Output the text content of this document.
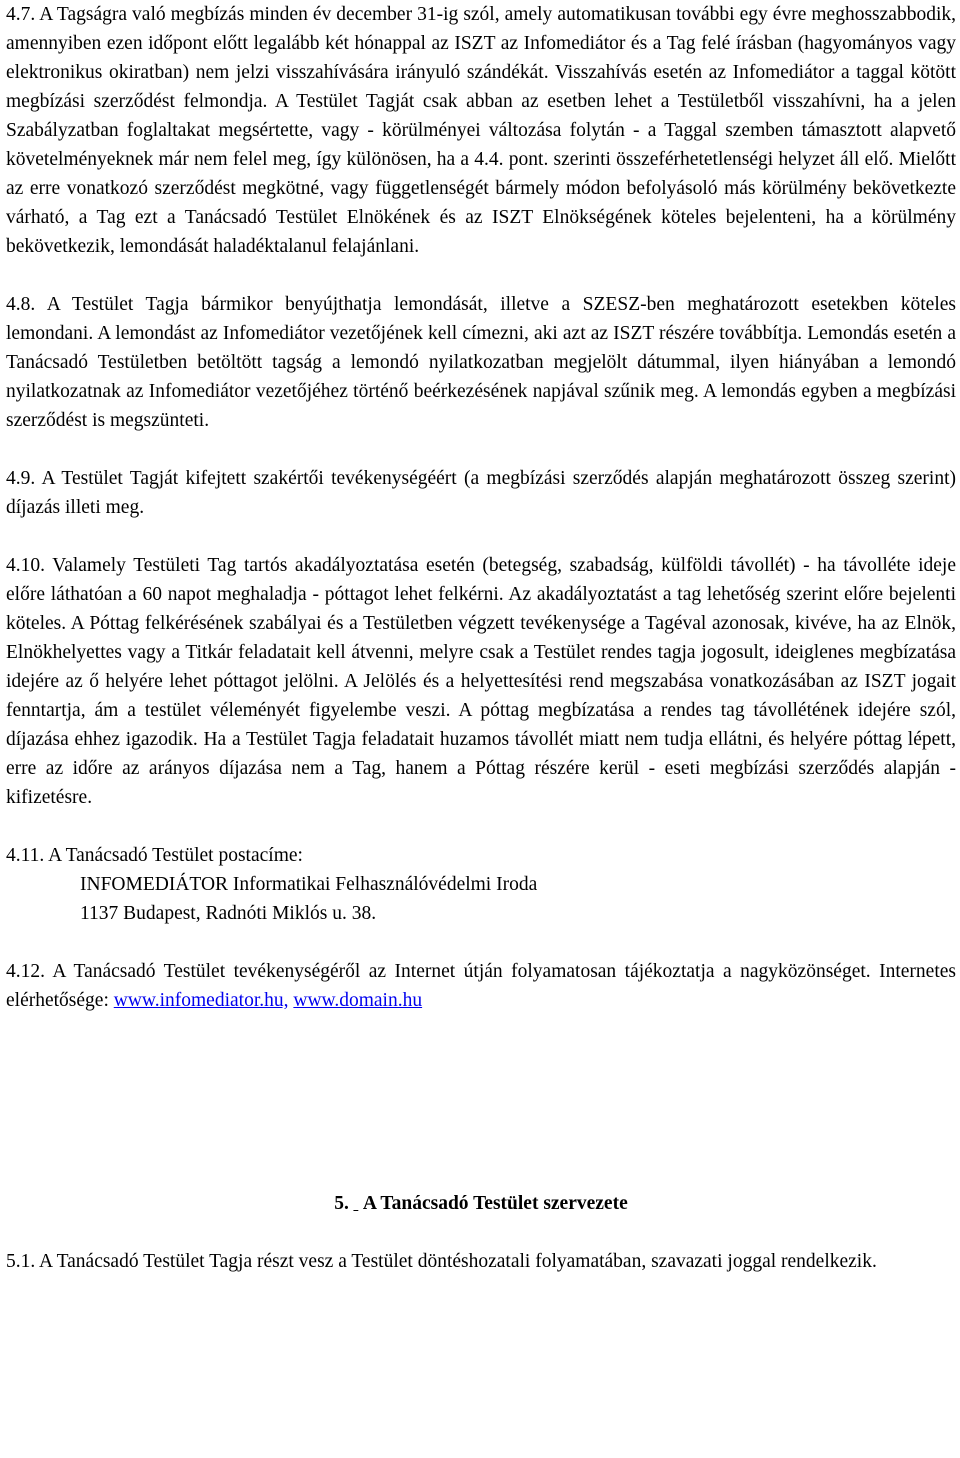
4.7. A Tagságra való megbízás minden év december 31-ig szól, amely automatikusan további egy évre meghosszabbodik, amennyiben ezen időpont előtt legalább két hónappal az ISZT az Infomediátor és a Tag felé írásban (hagyományos vagy elektronikus okiratban) nem jelzi visszahívására irányuló szándékát. Visszahívás esetén az Infomediátor a taggal kötött megbízási szerződést felmondja. A Testület Tagját csak abban az esetben lehet a Testületből visszahívni, ha a jelen Szabályzatban foglaltakat megsértette, vagy - körülményei változása folytán - a Taggal szemben támasztott alapvető követelményeknek már nem felel meg, így különösen, ha a 4.4. pont. szerinti összeférhetetlenségi helyzet áll elő. Mielőtt az erre vonatkozó szerződést megkötné, vagy függetlenségét bármely módon befolyásoló más körülmény bekövetkezte várható, a Tag ezt a Tanácsadó Testület Elnökének és az ISZT Elnökségének köteles bejelenteni, ha a körülmény bekövetkezik, lemondását haladéktalanul felajánlani.

4.8. A Testület Tagja bármikor benyújthatja lemondását, illetve a SZESZ-ben meghatározott esetekben köteles lemondani. A lemondást az Infomediátor vezetőjének kell címezni, aki azt az ISZT részére továbbítja. Lemondás esetén a Tanácsadó Testületben betöltött tagság a lemondó nyilatkozatban megjelölt dátummal, ilyen hiányában a lemondó nyilatkozatnak az Infomediátor vezetőjéhez történő beérkezésének napjával szűnik meg. A lemondás egyben a megbízási szerződést is megszünteti.

4.9. A Testület Tagját kifejtett szakértői tevékenységéért (a megbízási szerződés alapján meghatározott összeg szerint) díjazás illeti meg.

4.10. Valamely Testületi Tag tartós akadályoztatása esetén (betegség, szabadság, külföldi távollét) - ha távolléte ideje előre láthatóan a 60 napot meghaladja - póttagot lehet felkérni. Az akadályoztatást a tag lehetőség szerint előre bejelenti köteles. A Póttag felkérésének szabályai és a Testületben végzett tevékenysége a Tagéval azonosak, kivéve, ha az Elnök, Elnökhelyettes vagy a Titkár feladatait kell átvenni, melyre csak a Testület rendes tagja jogosult, ideiglenes megbízatása idejére az ő helyére lehet póttagot jelölni. A Jelölés és a helyettesítési rend megszabása vonatkozásában az ISZT jogait fenntartja, ám a testület véleményét figyelembe veszi. A póttag megbízatása a rendes tag távollétének idejére szól, díjazása ehhez igazodik. Ha a Testület Tagja feladatait huzamos távollét miatt nem tudja ellátni, és helyére póttag lépett, erre az időre az arányos díjazása nem a Tag, hanem a Póttag részére kerül - eseti megbízási szerződés alapján - kifizetésre.

4.11. A Tanácsadó Testület postacíme:

INFOMEDIÁTOR Informatikai Felhasználóvédelmi Iroda

1137 Budapest, Radnóti Miklós u. 38.

4.12. A Tanácsadó Testület tevékenységéről az Internet útján folyamatosan tájékoztatja a nagyközönséget. Internetes elérhetősége: www.infomediator.hu, www.domain.hu

5. A Tanácsadó Testület szervezete

5.1. A Tanácsadó Testület Tagja részt vesz a Testület döntéshozatali folyamatában, szavazati joggal rendelkezik.
